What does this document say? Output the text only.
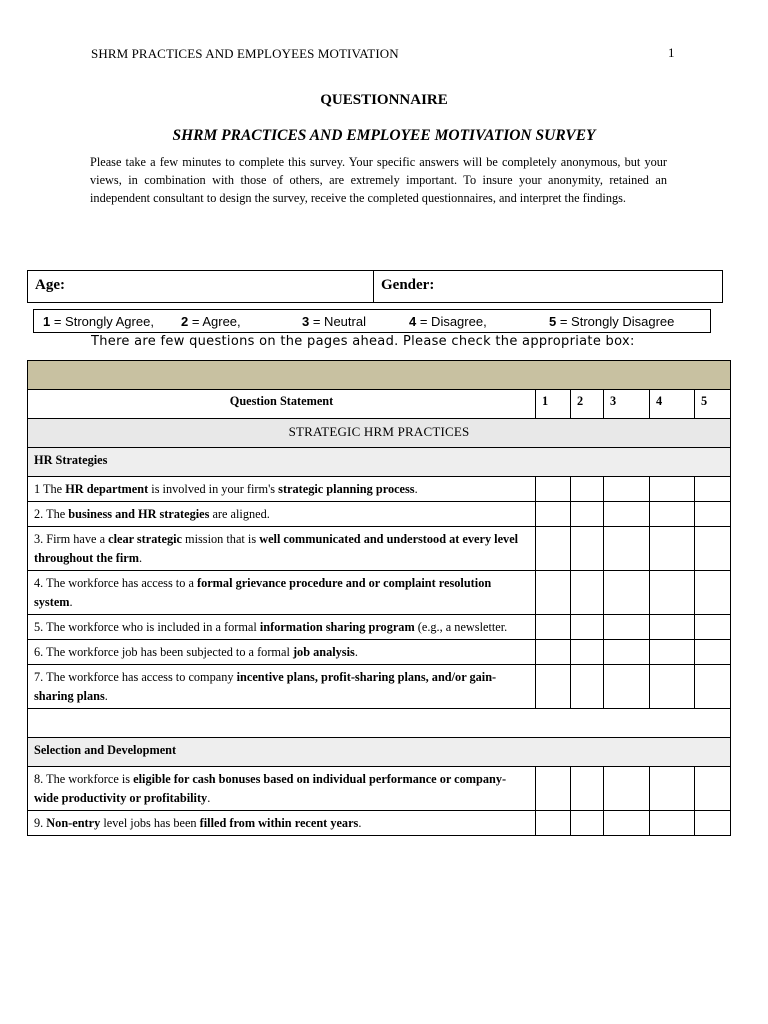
SHRM PRACTICES AND EMPLOYEES MOTIVATION	1
QUESTIONNAIRE
SHRM PRACTICES AND EMPLOYEE MOTIVATION SURVEY
Please take a few minutes to complete this survey. Your specific answers will be completely anonymous, but your views, in combination with those of others, are extremely important. To insure your anonymity, retained an independent consultant to design the survey, receive the completed questionnaires, and interpret the findings.
Age:	Gender:
1 = Strongly Agree, 2 = Agree,	3 = Neutral	4 = Disagree,	5 = Strongly Disagree
There are few questions on the pages ahead. Please check the appropriate box:

Question Statement	1	2	3	4	5
STRATEGIC HRM PRACTICES					
HR Strategies					
1 The HR department is involved in your firm's strategic planning process.					
2. The business and HR strategies are aligned.					
3. Firm have a clear strategic mission that is well communicated and understood at every level throughout the firm.					
4. The workforce has access to a formal grievance procedure and or complaint resolution system.					
5. The workforce who is included in a formal information sharing program (e.g., a newsletter.					
6. The workforce job has been subjected to a formal job analysis.					
7. The workforce has access to company incentive plans, profit-sharing plans, and/or gain-sharing plans.					

Selection and Development					
8. The workforce is eligible for cash bonuses based on individual performance or company-wide productivity or profitability.					
9. Non-entry level jobs has been filled from within recent years.					
